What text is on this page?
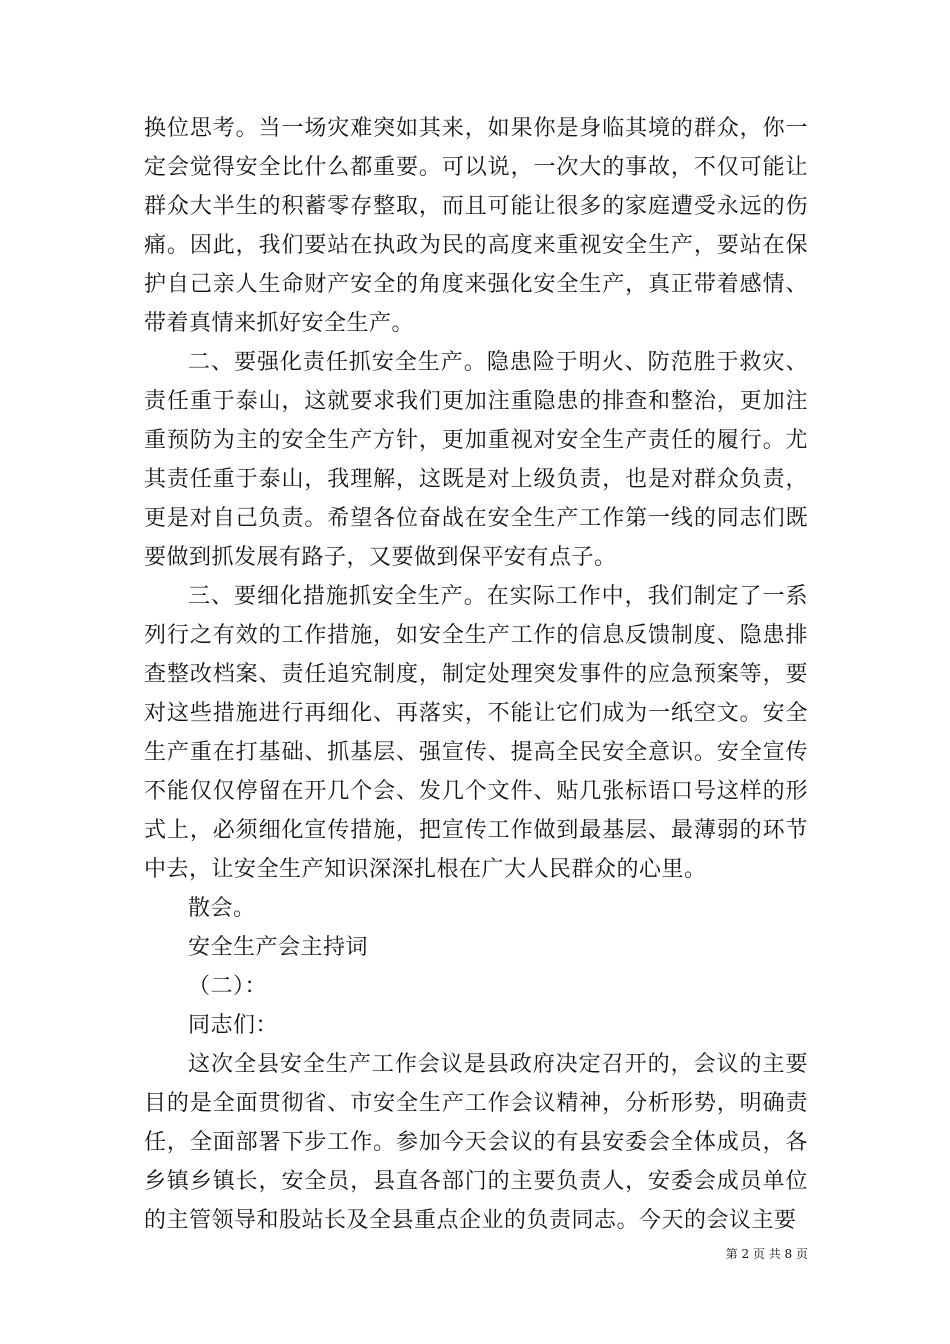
换位思考。当一场灾难突如其来，如果你是身临其境的群众，你一定会觉得安全比什么都重要。可以说，一次大的事故，不仅可能让群众大半生的积蓄零存整取，而且可能让很多的家庭遭受永远的伤痛。因此，我们要站在执政为民的高度来重视安全生产，要站在保护自己亲人生命财产安全的角度来强化安全生产，真正带着感情、带着真情来抓好安全生产。

二、要强化责任抓安全生产。隐患险于明火、防范胜于救灾、责任重于泰山，这就要求我们更加注重隐患的排查和整治，更加注重预防为主的安全生产方针，更加重视对安全生产责任的履行。尤其责任重于泰山，我理解，这既是对上级负责，也是对群众负责，更是对自己负责。希望各位奋战在安全生产工作第一线的同志们既要做到抓发展有路子，又要做到保平安有点子。

三、要细化措施抓安全生产。在实际工作中，我们制定了一系列行之有效的工作措施，如安全生产工作的信息反馈制度、隐患排查整改档案、责任追究制度，制定处理突发事件的应急预案等，要对这些措施进行再细化、再落实，不能让它们成为一纸空文。安全生产重在打基础、抓基层、强宣传、提高全民安全意识。安全宣传不能仅仅停留在开几个会、发几个文件、贴几张标语口号这样的形式上，必须细化宣传措施，把宣传工作做到最基层、最薄弱的环节中去，让安全生产知识深深扎根在广大人民群众的心里。

散会。

安全生产会主持词

（二）：

同志们：

这次全县安全生产工作会议是县政府决定召开的，会议的主要目的是全面贯彻省、市安全生产工作会议精神，分析形势，明确责任，全面部署下步工作。参加今天会议的有县安委会全体成员，各乡镇乡镇长，安全员，县直各部门的主要负责人，安委会成员单位的主管领导和股站长及全县重点企业的负责同志。今天的会议主要

第 2 页 共 8 页
